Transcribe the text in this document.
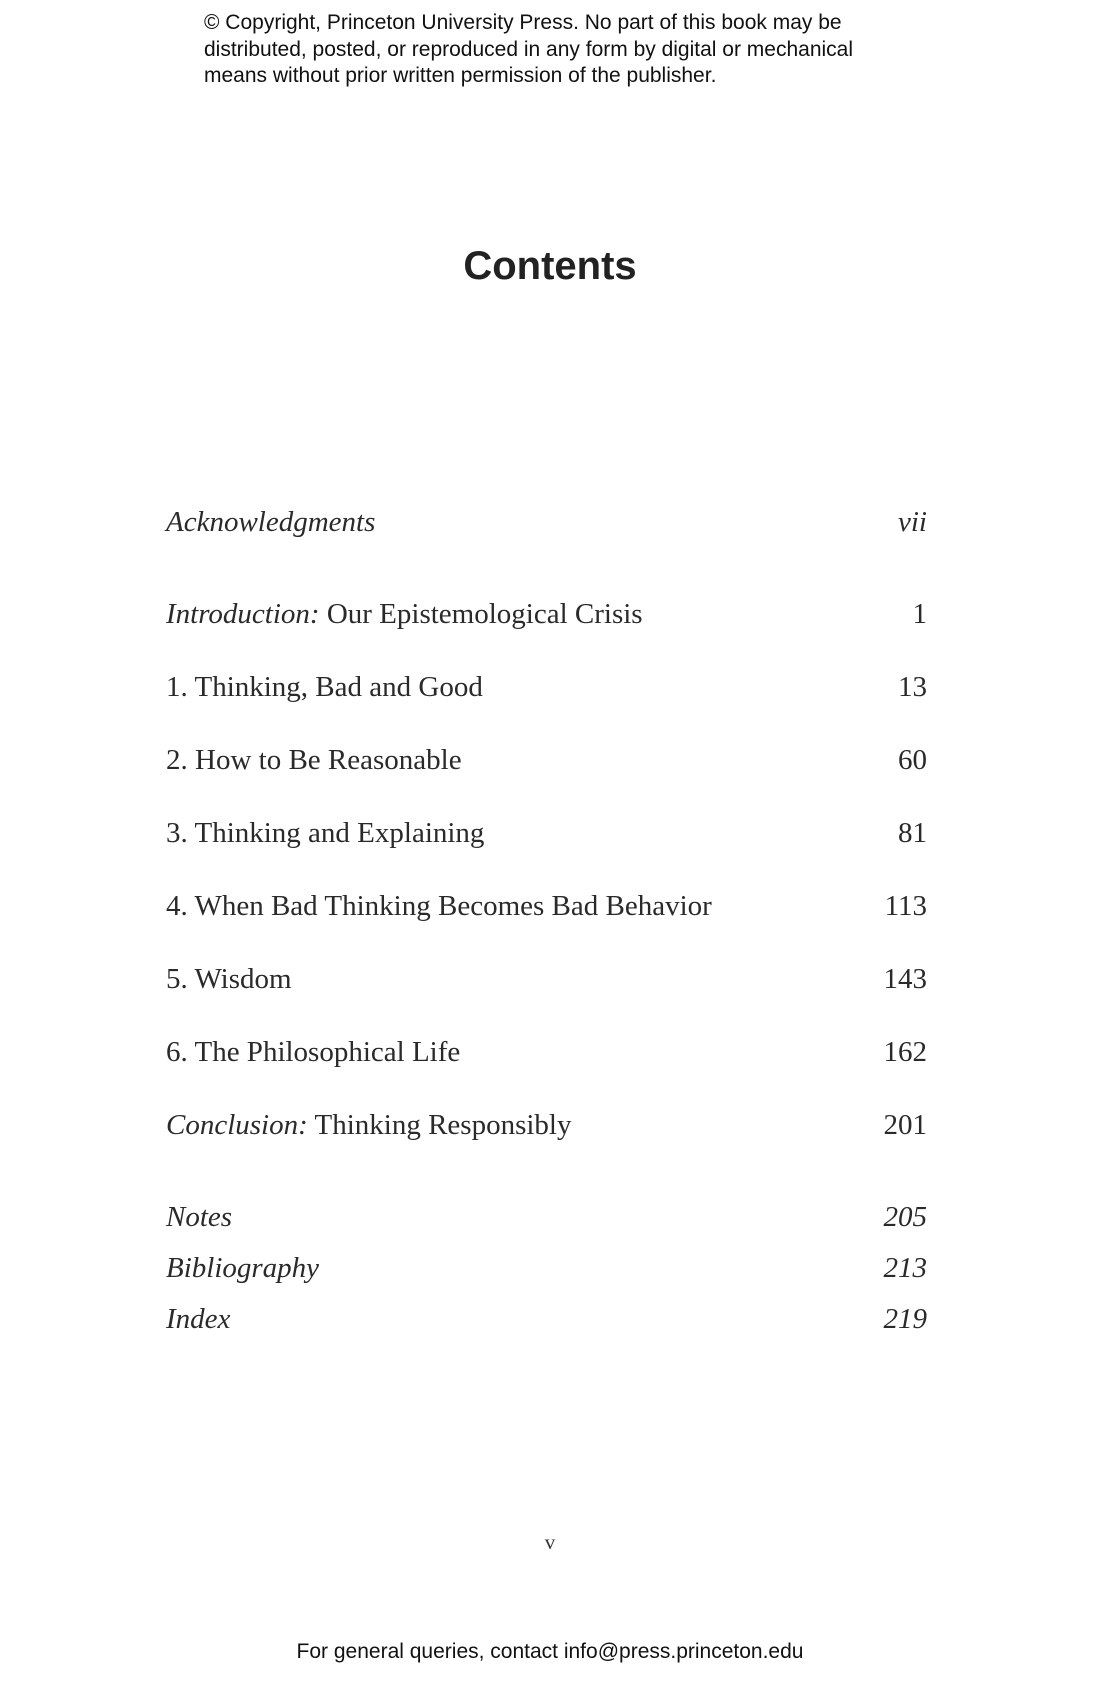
© Copyright, Princeton University Press. No part of this book may be
distributed, posted, or reproduced in any form by digital or mechanical
means without prior written permission of the publisher.
Contents
Acknowledgments	vii
Introduction: Our Epistemological Crisis	1
1. Thinking, Bad and Good	13
2. How to Be Reasonable	60
3. Thinking and Explaining	81
4. When Bad Thinking Becomes Bad Behavior	113
5. Wisdom	143
6. The Philosophical Life	162
Conclusion: Thinking Responsibly	201
Notes	205
Bibliography	213
Index	219
v
For general queries, contact info@press.princeton.edu
